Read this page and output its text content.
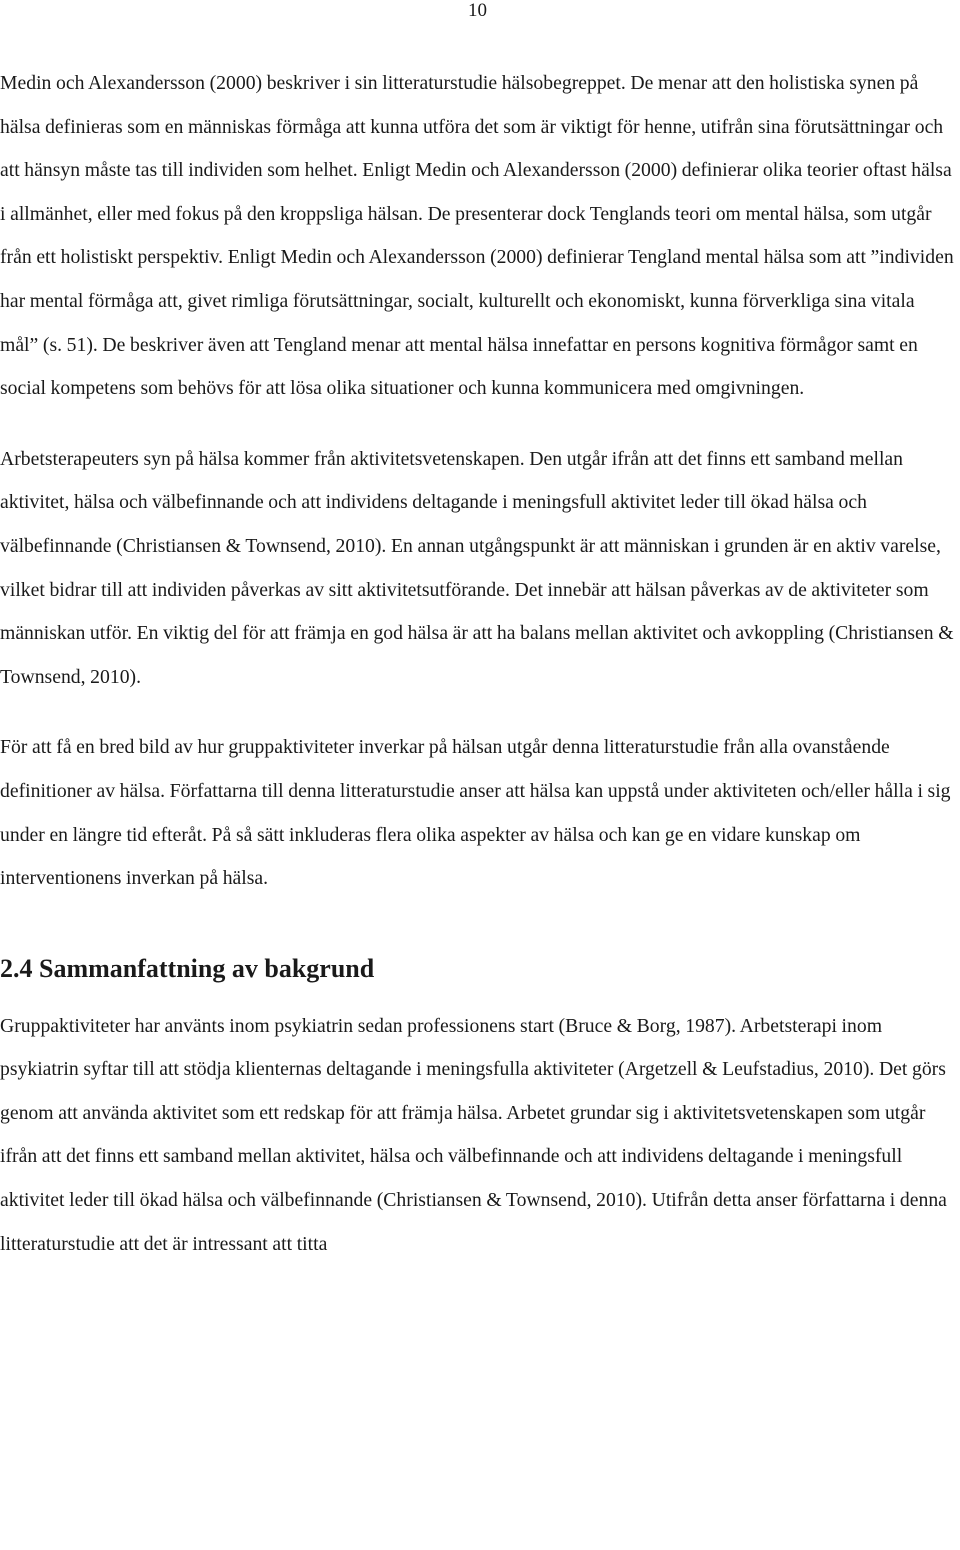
10

Medin och Alexandersson (2000) beskriver i sin litteraturstudie hälsobegreppet. De menar att den holistiska synen på hälsa definieras som en människas förmåga att kunna utföra det som är viktigt för henne, utifrån sina förutsättningar och att hänsyn måste tas till individen som helhet. Enligt Medin och Alexandersson (2000) definierar olika teorier oftast hälsa i allmänhet, eller med fokus på den kroppsliga hälsan. De presenterar dock Tenglands teori om mental hälsa, som utgår från ett holistiskt perspektiv. Enligt Medin och Alexandersson (2000) definierar Tengland mental hälsa som att ”individen har mental förmåga att, givet rimliga förutsättningar, socialt, kulturellt och ekonomiskt, kunna förverkliga sina vitala mål” (s. 51). De beskriver även att Tengland menar att mental hälsa innefattar en persons kognitiva förmågor samt en social kompetens som behövs för att lösa olika situationer och kunna kommunicera med omgivningen.

Arbetsterapeuters syn på hälsa kommer från aktivitetsvetenskapen. Den utgår ifrån att det finns ett samband mellan aktivitet, hälsa och välbefinnande och att individens deltagande i meningsfull aktivitet leder till ökad hälsa och välbefinnande (Christiansen & Townsend, 2010). En annan utgångspunkt är att människan i grunden är en aktiv varelse, vilket bidrar till att individen påverkas av sitt aktivitetsutförande. Det innebär att hälsan påverkas av de aktiviteter som människan utför. En viktig del för att främja en god hälsa är att ha balans mellan aktivitet och avkoppling (Christiansen & Townsend, 2010).

För att få en bred bild av hur gruppaktiviteter inverkar på hälsan utgår denna litteraturstudie från alla ovanstående definitioner av hälsa. Författarna till denna litteraturstudie anser att hälsa kan uppstå under aktiviteten och/eller hålla i sig under en längre tid efteråt. På så sätt inkluderas flera olika aspekter av hälsa och kan ge en vidare kunskap om interventionens inverkan på hälsa.

2.4 Sammanfattning av bakgrund

Gruppaktiviteter har använts inom psykiatrin sedan professionens start (Bruce & Borg, 1987). Arbetsterapi inom psykiatrin syftar till att stödja klienternas deltagande i meningsfulla aktiviteter (Argetzell & Leufstadius, 2010). Det görs genom att använda aktivitet som ett redskap för att främja hälsa. Arbetet grundar sig i aktivitetsvetenskapen som utgår ifrån att det finns ett samband mellan aktivitet, hälsa och välbefinnande och att individens deltagande i meningsfull aktivitet leder till ökad hälsa och välbefinnande (Christiansen & Townsend, 2010). Utifrån detta anser författarna i denna litteraturstudie att det är intressant att titta
